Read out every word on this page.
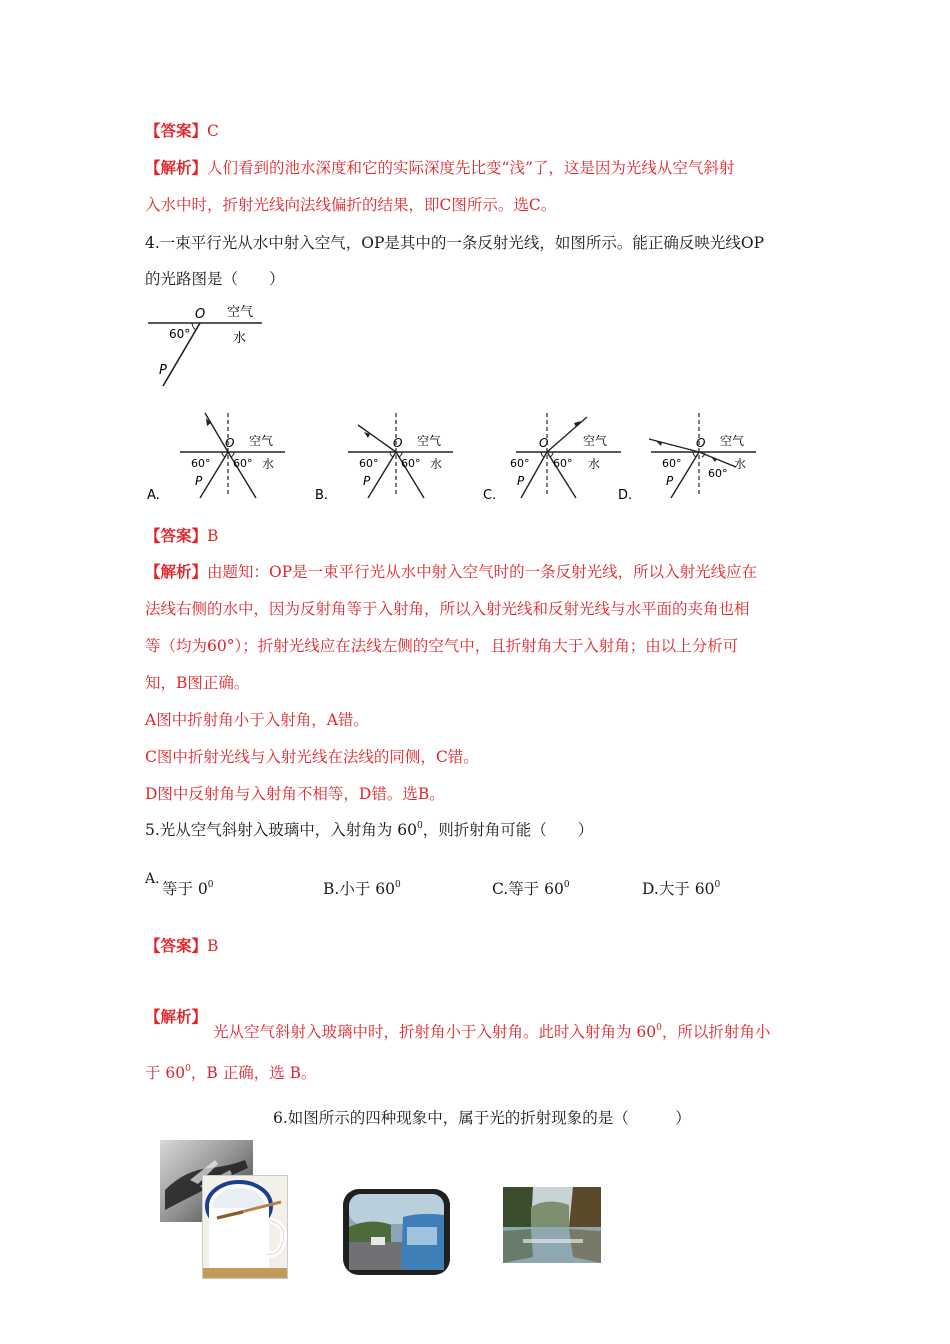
【答案】C
【解析】人们看到的池水深度和它的实际深度先比变“浅”了，这是因为光线从空气斜射
入水中时，折射光线向法线偏折的结果，即C图所示。选C。
4.一束平行光从水中射入空气，OP是其中的一条反射光线，如图所示。能正确反映光线OP
的光路图是（　　）
O 空气
水
60°
P
O 空气
水
60° 60°
P
A.
O 空气
水
60° 60°
P
B.
O	空气
水
60° 60°
P
C.
O 空气
水
60°
60°
P
D.
【答案】B
【解析】由题知：OP是一束平行光从水中射入空气时的一条反射光线，所以入射光线应在
法线右侧的水中，因为反射角等于入射角，所以入射光线和反射光线与水平面的夹角也相
等（均为60°）；折射光线应在法线左侧的空气中，且折射角大于入射角；由以上分析可
知，B图正确。
A图中折射角小于入射角，A错。
C图中折射光线与入射光线在法线的同侧，C错。
D图中反射角与入射角不相等，D错。选B。
5.光从空气斜射入玻璃中，入射角为 $60^0$，则折射角可能（　　）
A.
等于 $0^0$	B.小于 $60^0$	C.等于 $60^0$	D.大于 $60^0$
【答案】B
【解析】
光从空气斜射入玻璃中时，折射角小于入射角。此时入射角为 $60^0$，所以折射角小
于 $60^0$，B 正确，选 B。
6.如图所示的四种现象中，属于光的折射现象的是（　　　）
